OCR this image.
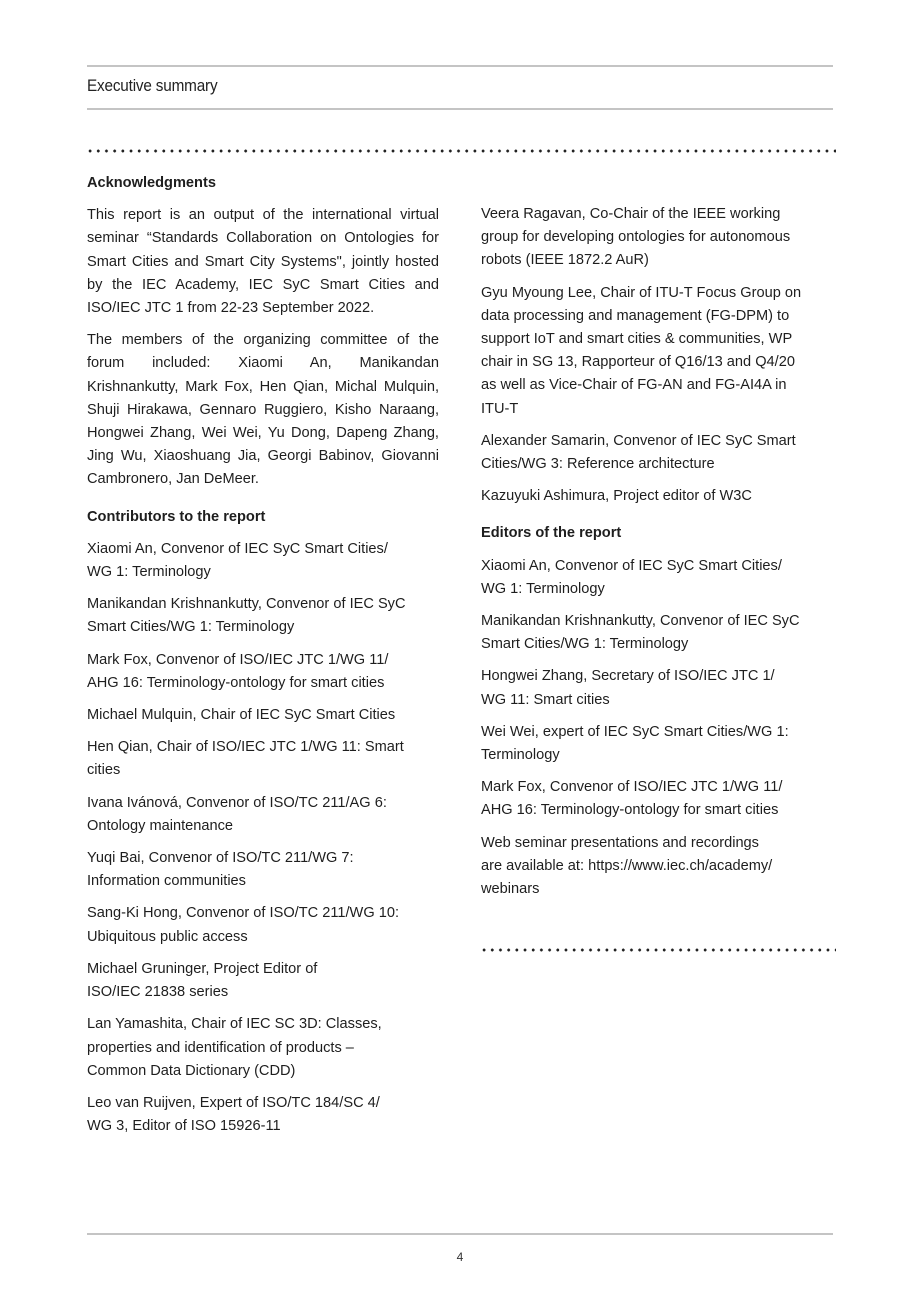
Executive summary
Acknowledgments

This report is an output of the international virtual seminar “Standards Collaboration on Ontologies for Smart Cities and Smart City Systems", jointly hosted by the IEC Academy, IEC SyC Smart Cities and ISO/IEC JTC 1 from 22-23 September 2022.

The members of the organizing committee of the forum included: Xiaomi An, Manikandan Krishnankutty, Mark Fox, Hen Qian, Michal Mulquin, Shuji Hirakawa, Gennaro Ruggiero, Kisho Naraang, Hongwei Zhang, Wei Wei, Yu Dong, Dapeng Zhang, Jing Wu, Xiaoshuang Jia, Georgi Babinov, Giovanni Cambronero, Jan DeMeer.

Contributors to the report

Xiaomi An, Convenor of IEC SyC Smart Cities/
WG 1: Terminology

Manikandan Krishnankutty, Convenor of IEC SyC
Smart Cities/WG 1: Terminology

Mark Fox, Convenor of ISO/IEC JTC 1/WG 11/
AHG 16: Terminology-ontology for smart cities

Michael Mulquin, Chair of IEC SyC Smart Cities

Hen Qian, Chair of ISO/IEC JTC 1/WG 11: Smart
cities

Ivana Ivánová, Convenor of ISO/TC 211/AG 6:
Ontology maintenance

Yuqi Bai, Convenor of ISO/TC 211/WG 7:
Information communities

Sang-Ki Hong, Convenor of ISO/TC 211/WG 10:
Ubiquitous public access

Michael Gruninger, Project Editor of
ISO/IEC 21838 series

Lan Yamashita, Chair of IEC SC 3D: Classes,
properties and identification of products –
Common Data Dictionary (CDD)

Leo van Ruijven, Expert of ISO/TC 184/SC 4/
WG 3, Editor of ISO 15926-11

Veera Ragavan, Co-Chair of the IEEE working
group for developing ontologies for autonomous
robots (IEEE 1872.2 AuR)

Gyu Myoung Lee, Chair of ITU-T Focus Group on
data processing and management (FG-DPM) to
support IoT and smart cities & communities, WP
chair in SG 13, Rapporteur of Q16/13 and Q4/20
as well as Vice-Chair of FG-AN and FG-AI4A in
ITU-T

Alexander Samarin, Convenor of IEC SyC Smart
Cities/WG 3: Reference architecture

Kazuyuki Ashimura, Project editor of W3C

Editors of the report

Xiaomi An, Convenor of IEC SyC Smart Cities/
WG 1: Terminology

Manikandan Krishnankutty, Convenor of IEC SyC
Smart Cities/WG 1: Terminology

Hongwei Zhang, Secretary of ISO/IEC JTC 1/
WG 11: Smart cities

Wei Wei, expert of IEC SyC Smart Cities/WG 1:
Terminology

Mark Fox, Convenor of ISO/IEC JTC 1/WG 11/
AHG 16: Terminology-ontology for smart cities

Web seminar presentations and recordings
are available at: https://www.iec.ch/academy/
webinars

4
